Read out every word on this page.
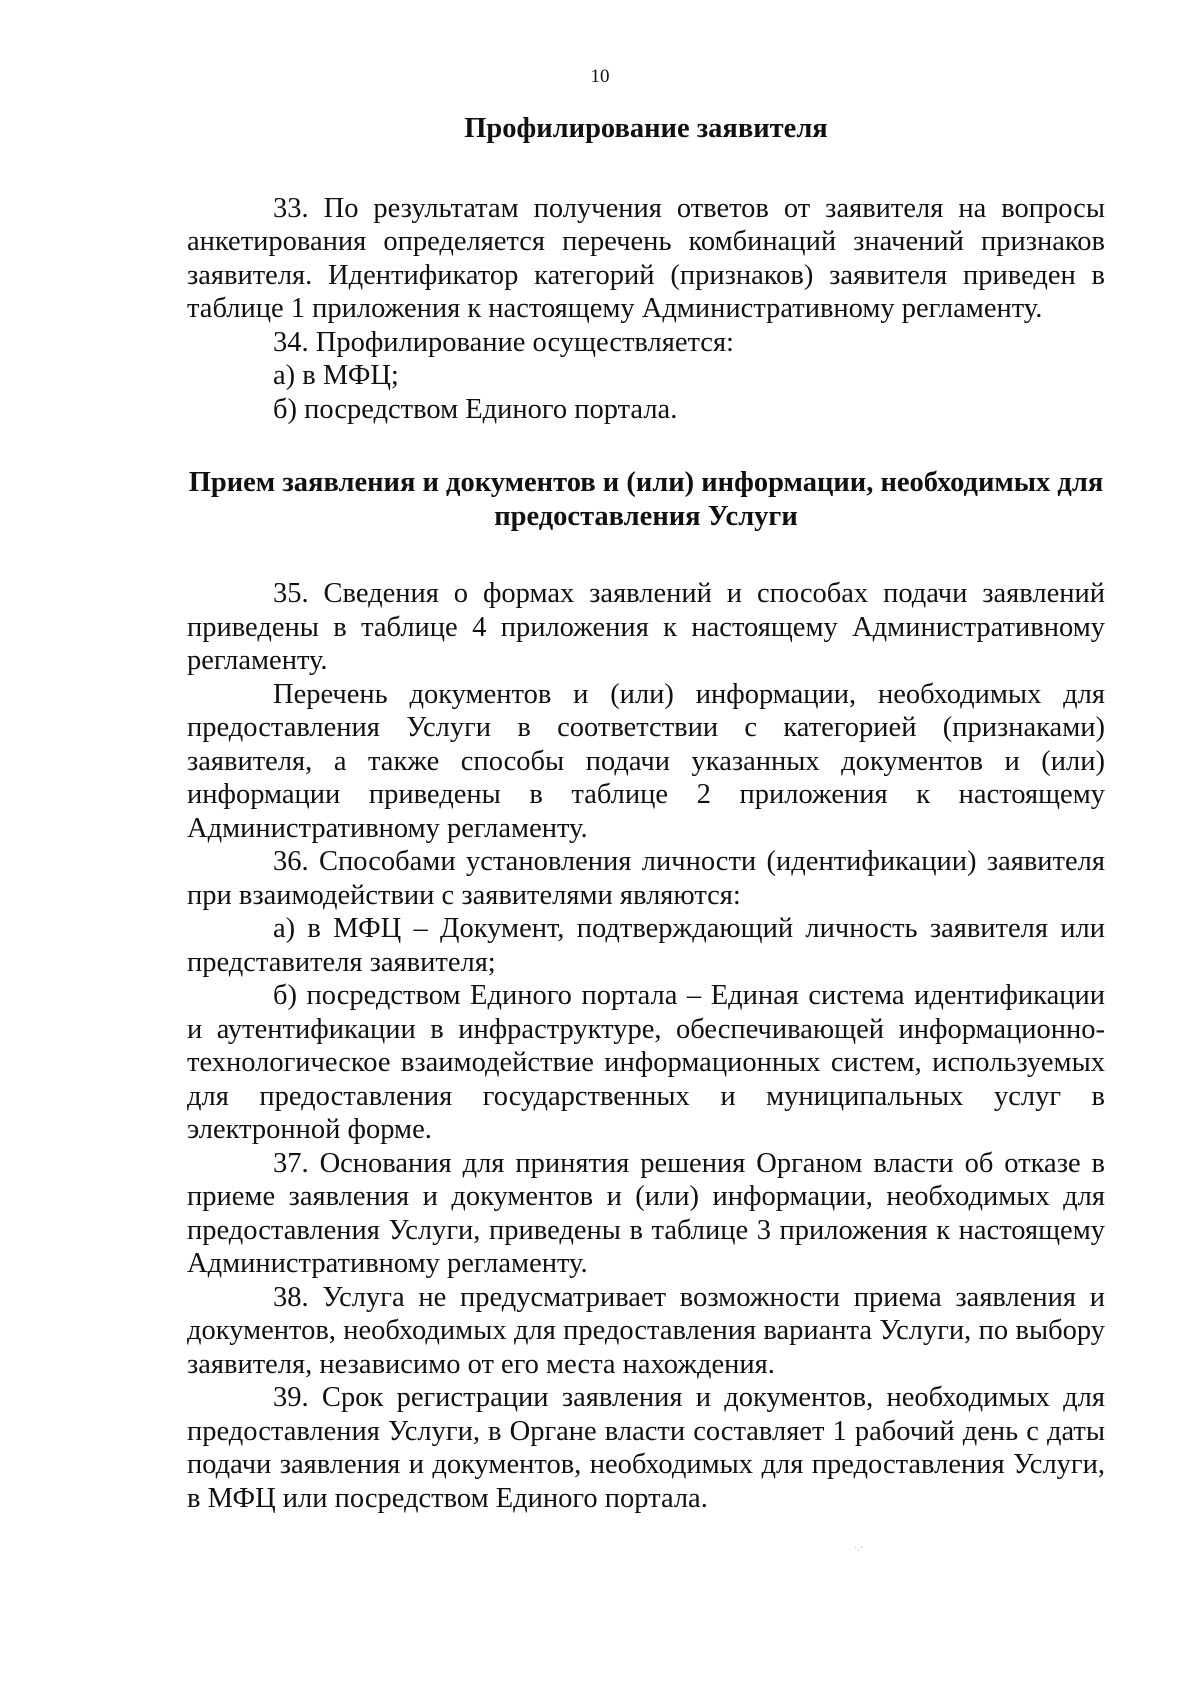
10
Профилирование заявителя

33. По результатам получения ответов от заявителя на вопросы анкетирования определяется перечень комбинаций значений признаков заявителя. Идентификатор категорий (признаков) заявителя приведен в таблице 1 приложения к настоящему Административному регламенту.

34. Профилирование осуществляется:

а) в МФЦ;

б) посредством Единого портала.

Прием заявления и документов и (или) информации, необходимых для предоставления Услуги

35. Сведения о формах заявлений и способах подачи заявлений приведены в таблице 4 приложения к настоящему Административному регламенту.

Перечень документов и (или) информации, необходимых для предоставления Услуги в соответствии с категорией (признаками) заявителя, а также способы подачи указанных документов и (или) информации приведены в таблице 2 приложения к настоящему Административному регламенту.

36. Способами установления личности (идентификации) заявителя при взаимодействии с заявителями являются:

а) в МФЦ – Документ, подтверждающий личность заявителя или представителя заявителя;

б) посредством Единого портала – Единая система идентификации и аутентификации в инфраструктуре, обеспечивающей информационно-технологическое взаимодействие информационных систем, используемых для предоставления государственных и муниципальных услуг в электронной форме.

37. Основания для принятия решения Органом власти об отказе в приеме заявления и документов и (или) информации, необходимых для предоставления Услуги, приведены в таблице 3 приложения к настоящему Административному регламенту.

38. Услуга не предусматривает возможности приема заявления и документов, необходимых для предоставления варианта Услуги, по выбору заявителя, независимо от его места нахождения.

39. Срок регистрации заявления и документов, необходимых для предоставления Услуги, в Органе власти составляет 1 рабочий день с даты подачи заявления и документов, необходимых для предоставления Услуги, в МФЦ или посредством Единого портала.

·.·
